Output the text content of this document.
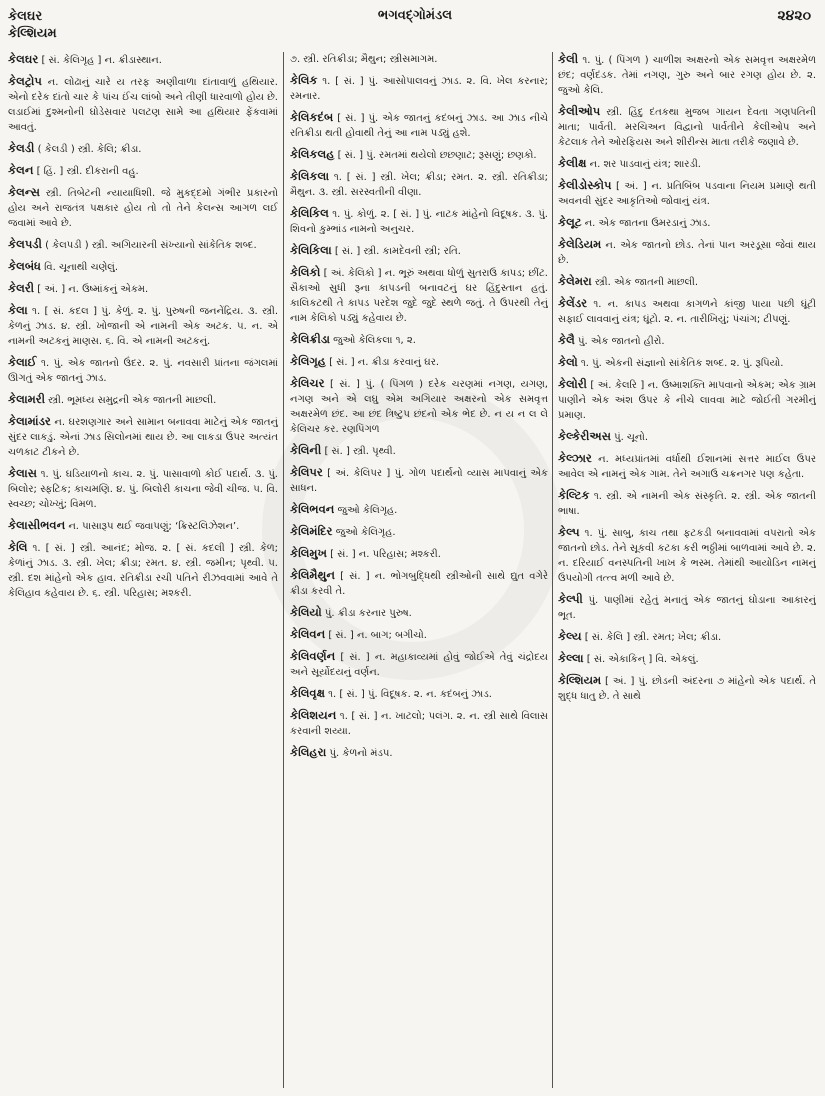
કેલઘર
કેલ્શિયમ
ભગવદ્ગોમંડલ	૨૪૨૦

કેલઘર [ સં. કેલિગૃહ ] ન. ક્રીડાસ્થાન.

કેલટ્રોપ ન. લોઢાનું ચારે ય તરફ અણીવાળા દાંતાવાળું હથિયાર. એનો દરેક દાંતો ચાર કે પાંચ ઈંચ લાંબો અને તીણી ધારવાળો હોય છે. લડાઈમાં દુશ્મનોની ઘોડેસવાર પલટણ સામે આ હથિયાર ફેંકવામાં આવતું.

કેલડી ( કેલડી ) સ્ત્રી. કેલિ; ક્રીડા.

કેલન [ હિં. ] સ્ત્રી. દીકરાની વહુ.

કેલન્સ સ્ત્રી. તિબેટની ન્યાયાધિશી. જે મુકદ્દમો ગંભીર પ્રકારનો હોય અને રાજતંત્ર પક્ષકાર હોય તો તો તેને કેલન્સ આગળ લઈ જવામાં આવે છે.

કેલપડી ( કેલપડી ) સ્ત્રી. અગિયારની સંખ્યાનો સાંકેતિક શબ્દ.

કેલબંધ વિ. ચૂનાથી ચણેલું.

કેલરી [ અં. ] ન. ઉષ્માંકનું એકમ.

કેલા ૧. [ સં. કદલ ] પું. કેળું. ૨. પું. પુરુષની જનનેંદ્રિય. ૩. સ્ત્રી. કેળનું ઝાડ. ૪. સ્ત્રી. ખોજાની એ નામની એક અટક. ૫. ન. એ નામની અટકનું માણસ. ૬. વિ. એ નામની અટકનું.

કેલાઈ ૧. પું. એક જાતનો ઉંદર. ૨. પું. નવસારી પ્રાંતના જંગલમાં ઊગતું એક જાતનું ઝાડ.

કેલામરી સ્ત્રી. ભૂમધ્ય સમુદ્રની એક જાતની માછલી.

કેલામાંડર ન. ઘરશણગાર અને સામાન બનાવવા માટેનું એક જાતનું સુંદર લાકડું. એનાં ઝાડ સિલોનમાં થાય છે. આ લાકડા ઉપર અત્યંત ચળકાટ ટીકને છે.

કેલાસ ૧. પું. ઘડિયાળનો કાચ. ૨. પું. પાસાવાળો કોઈ પદાર્થ. ૩. પું. બિલોર; સ્ફટિક; કાચમણિ. ૪. પું. બિલોરી કાચના જેવી ચીજ. ૫. વિ. સ્વચ્છ; ચોખ્ખું; વિમળ.

કેલાસીભવન ન. પાસારૂપ થઈ જવાપણું; ‘ક્રિસ્ટલિઝેશન’.

કેલિ ૧. [ સં. ] સ્ત્રી. આનંદ; મોજ. ૨. [ સં. કદલી ] સ્ત્રી. કેળ; કેળાંનું ઝાડ. ૩. સ્ત્રી. ખેલ; ક્રીડા; રમત. ૪. સ્ત્રી. જમીન; પૃથ્વી. ૫. સ્ત્રી. દશ માંહેનો એક હાવ. રતિક્રીડા રચી પતિને રીઝવવામાં આવે તે કેલિહાવ કહેવાય છે. ૬. સ્ત્રી. પરિહાસ; મશ્કરી.

૭. સ્ત્રી. રતિક્રીડા; મૈથુન; સ્ત્રીસમાગમ.

કેલિક ૧. [ સં. ] પું. આસોપાલવનું ઝાડ. ૨. વિ. ખેલ કરનાર; રમનાર.

કેલિકદંબ [ સં. ] પું. એક જાતનું કદંબનું ઝાડ. આ ઝાડ નીચે રતિક્રીડા થતી હોવાથી તેનું આ નામ પડ્યું હશે.

કેલિકલહ [ સં. ] પું. રમતમાં થયેલો છછણાટ; રૂસણું; છણકો.

કેલિકલા ૧. [ સં. ] સ્ત્રી. ખેલ; ક્રીડા; રમત. ૨. સ્ત્રી. રતિક્રીડા; મૈથુન. ૩. સ્ત્રી. સરસ્વતીની વીણા.

કેલિકિલ ૧. પું. કોળું. ૨. [ સં. ] પું. નાટક માંહેનો વિદૂષક. ૩. પું. શિવનો કુમ્ભાંડ નામનો અનુચર.

કેલિકિલા [ સં. ] સ્ત્રી. કામદેવની સ્ત્રી; રતિ.

કેલિકો [ અં. કેલિકો ] ન. ભૂરું અથવા ધોળું સુતરાઉ કાપડ; છીંટ. સૈકાઓ સુધી રૂના કાપડની બનાવટનું ઘર હિંદુસ્તાન હતું. કાલિકટથી તે કાપડ પરદેશ જુદે જુદે સ્થળે જતું. તે ઉપરથી તેનું નામ કેલિકો પડ્યું કહેવાય છે.

કેલિક્રીડા જુઓ કેલિકલા ૧, ૨.

કેલિગૃહ [ સં. ] ન. ક્રીડા કરવાનું ઘર.

કેલિચર [ સં. ] પું. ( પિંગળ ) દરેક ચરણમાં નગણ, યગણ, નગણ અને એ લઘુ એમ અગિયાર અક્ષરનો એક સમવૃત્ત અક્ષરમેળ છંદ. આ છંદ ત્રિષ્ટુપ છંદનો એક ભેદ છે. ન ય ન લ લે કેલિચર કર. રણપિંગળ

કેલિની [ સં. ] સ્ત્રી. પૃથ્વી.

કેલિપર [ અં. કેલિપર ] પું. ગોળ પદાર્થનો વ્યાસ માપવાનું એક સાધન.

કેલિભવન જુઓ કેલિગૃહ.

કેલિમંદિર જુઓ કેલિગૃહ.

કેલિમુખ [ સં. ] ન. પરિહાસ; મશ્કરી.

કેલિમૈથુન [ સં. ] ન. ભોગબુદ્ધિથી સ્ત્રીઓની સાથે દ્યુત વગેરે ક્રીડા કરવી તે.

કેલિયો પું. ક્રીડા કરનાર પુરુષ.

કેલિવન [ સં. ] ન. બાગ; બગીચો.

કેલિવર્ણન [ સં. ] ન. મહાકાવ્યમાં હોવું જોઈએ તેવું ચંદ્રોદય અને સૂર્યોદયનું વર્ણન.

કેલિવૃક્ષ ૧. [ સં. ] પું. વિદૂષક. ૨. ન. કદંબનું ઝાડ.

કેલિશયન ૧. [ સં. ] ન. ખાટલો; પલંગ. ૨. ન. સ્ત્રી સાથે વિલાસ કરવાની શય્યા.

કેલિહરા પું. કેળનો મંડપ.

કેલી ૧. પું. ( પિંગળ ) ચાળીશ અક્ષરનો એક સમવૃત્ત અક્ષરમેળ છંદ; વર્ણદંડક. તેમાં નગણ, ગુરુ અને બાર રગણ હોય છે. ૨. જુઓ કેલિ.

કેલીઓપ સ્ત્રી. હિંદુ દંતકથા મુજબ ગાયન દેવતા ગણપતિની માતા; પાર્વતી. મરચિઅન વિદ્વાનો પાર્વતીને કેલીઓપ અને કેટલાક તેને ઓરફિયસ અને શીરીન્સ માતા તરીકે જણાવે છે.

કેલીક્ષ ન. શર પાડવાનું યંત્ર; શારડી.

કેલીડોસ્કોપ [ અં. ] ન. પ્રતિબિંબ પડવાના નિયમ પ્રમાણે થતી અવનવી સુંદર આકૃતિઓ જોવાનું યંત્ર.

કેલૂટ ન. એક જાતના ઉમરડાનું ઝાડ.

કેલેડિયમ ન. એક જાતનો છોડ. તેનાં પાન અરડૂસા જેવાં થાય છે.

કેલેમરા સ્ત્રી. એક જાતની માછલી.

કેલેંડર ૧. ન. કાપડ અથવા કાગળને કાંજી પાયા પછી ઘૂંટી સફાઈ લાવવાનું યંત્ર; ઘૂંટો. ૨. ન. તારીખિયું; પંચાંગ; ટીપણું.

કેલૈ પું. એક જાતનો હીરો.

કેલો ૧. પું. એકની સંજ્ઞાનો સાંકેતિક શબ્દ. ૨. પું. રૂપિયો.

કેલોરી [ અં. કેલરિ ] ન. ઉષ્માશક્તિ માપવાનો એકમ; એક ગ્રામ પાણીને એક અંશ ઉપર કે નીચે લાવવા માટે જોઈતી ગરમીનું પ્રમાણ.

કેલ્કેરીઅસ પું. ચૂનો.

કેલ્ઝાર ન. મધ્યપ્રાંતમાં વર્ધાથી ઈશાનમાં સત્તર માઈલ ઉપર આવેલ એ નામનું એક ગામ. તેને અગાઉ ચક્રનગર પણ કહેતા.

કેલ્ટિક ૧. સ્ત્રી. એ નામની એક સંસ્કૃતિ. ૨. સ્ત્રી. એક જાતની ભાષા.

કેલ્પ ૧. પું. સાબુ, કાચ તથા ફટકડી બનાવવામાં વપરાતો એક જાતનો છોડ. તેને સૂકવી કટકા કરી ભઠ્ઠીમાં બાળવામાં આવે છે. ૨. ન. દરિયાઈ વનસ્પતિની ખાખ કે ભસ્મ. તેમાંથી આયોડિન નામનું ઉપયોગી તત્ત્વ મળી આવે છે.

કેલ્પી પું. પાણીમાં રહેતું મનાતું એક જાતનું ઘોડાના આકારનું ભૂત.

કેલ્ય [ સં. કેલિ ] સ્ત્રી. રમત; ખેલ; ક્રીડા.

કેલ્લા [ સં. એકાકિન્ ] વિ. એકલું.

કેલ્શિયમ [ અં. ] પું. છોડની અંદરના ૭ માંહેનો એક પદાર્થ. તે શુદ્ધ ધાતુ છે. તે સાથે
